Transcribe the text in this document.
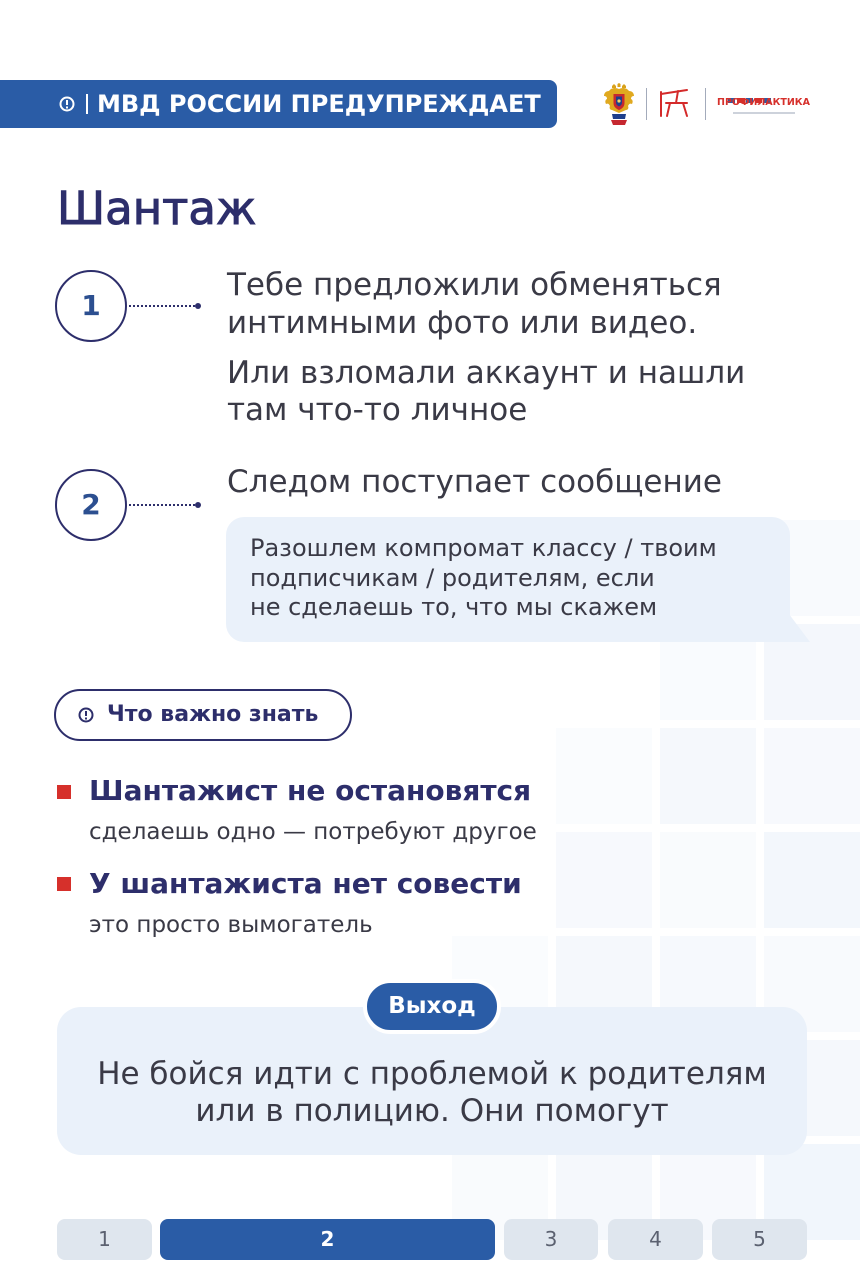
МВД РОССИИ ПРЕДУПРЕЖДАЕТ	ПРОФИЛАКТИКА
Шантаж
1
Тебе предложили обменяться
интимными фото или видео.
Или взломали аккаунт и нашли
там что-то личное
2
Следом поступает сообщение
Разошлем компромат классу / твоим
подписчикам / родителям, если
не сделаешь то, что мы скажем
Что важно знать
Шантажист не остановятся
сделаешь одно — потребуют другое
У шантажиста нет совести
это просто вымогатель
Выход
Не бойся идти с проблемой к родителям
или в полицию. Они помогут
1	2	3	4	5
